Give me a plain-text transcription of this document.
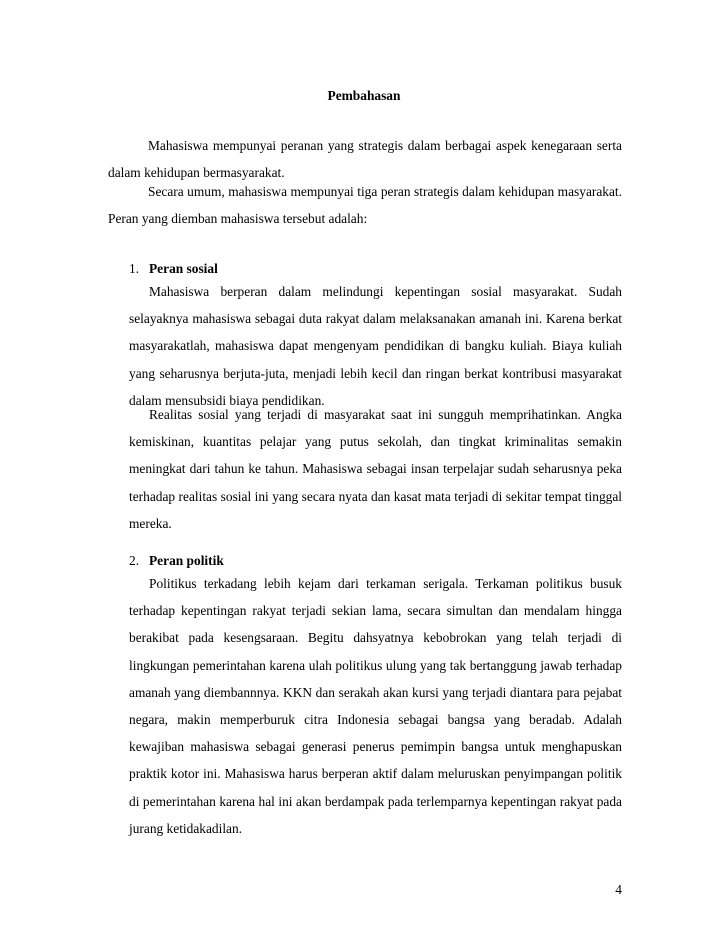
Pembahasan

Mahasiswa mempunyai peranan yang strategis dalam berbagai aspek kenegaraan serta dalam kehidupan bermasyarakat.

Secara umum, mahasiswa mempunyai tiga peran strategis dalam kehidupan masyarakat. Peran yang diemban mahasiswa tersebut adalah:

1. Peran sosial

Mahasiswa berperan dalam melindungi kepentingan sosial masyarakat. Sudah selayaknya mahasiswa sebagai duta rakyat dalam melaksanakan amanah ini. Karena berkat masyarakatlah, mahasiswa dapat mengenyam pendidikan di bangku kuliah. Biaya kuliah yang seharusnya berjuta-juta, menjadi lebih kecil dan ringan berkat kontribusi masyarakat dalam mensubsidi biaya pendidikan.

Realitas sosial yang terjadi di masyarakat saat ini sungguh memprihatinkan. Angka kemiskinan, kuantitas pelajar yang putus sekolah, dan tingkat kriminalitas semakin meningkat dari tahun ke tahun. Mahasiswa sebagai insan terpelajar sudah seharusnya peka terhadap realitas sosial ini yang secara nyata dan kasat mata terjadi di sekitar tempat tinggal mereka.

2. Peran politik

Politikus terkadang lebih kejam dari terkaman serigala. Terkaman politikus busuk terhadap kepentingan rakyat terjadi sekian lama, secara simultan dan mendalam hingga berakibat pada kesengsaraan. Begitu dahsyatnya kebobrokan yang telah terjadi di lingkungan pemerintahan karena ulah politikus ulung yang tak bertanggung jawab terhadap amanah yang diembannnya. KKN dan serakah akan kursi yang terjadi diantara para pejabat negara, makin memperburuk citra Indonesia sebagai bangsa yang beradab. Adalah kewajiban mahasiswa sebagai generasi penerus pemimpin bangsa untuk menghapuskan praktik kotor ini. Mahasiswa harus berperan aktif dalam meluruskan penyimpangan politik di pemerintahan karena hal ini akan berdampak pada terlemparnya kepentingan rakyat pada jurang ketidakadilan.

4
